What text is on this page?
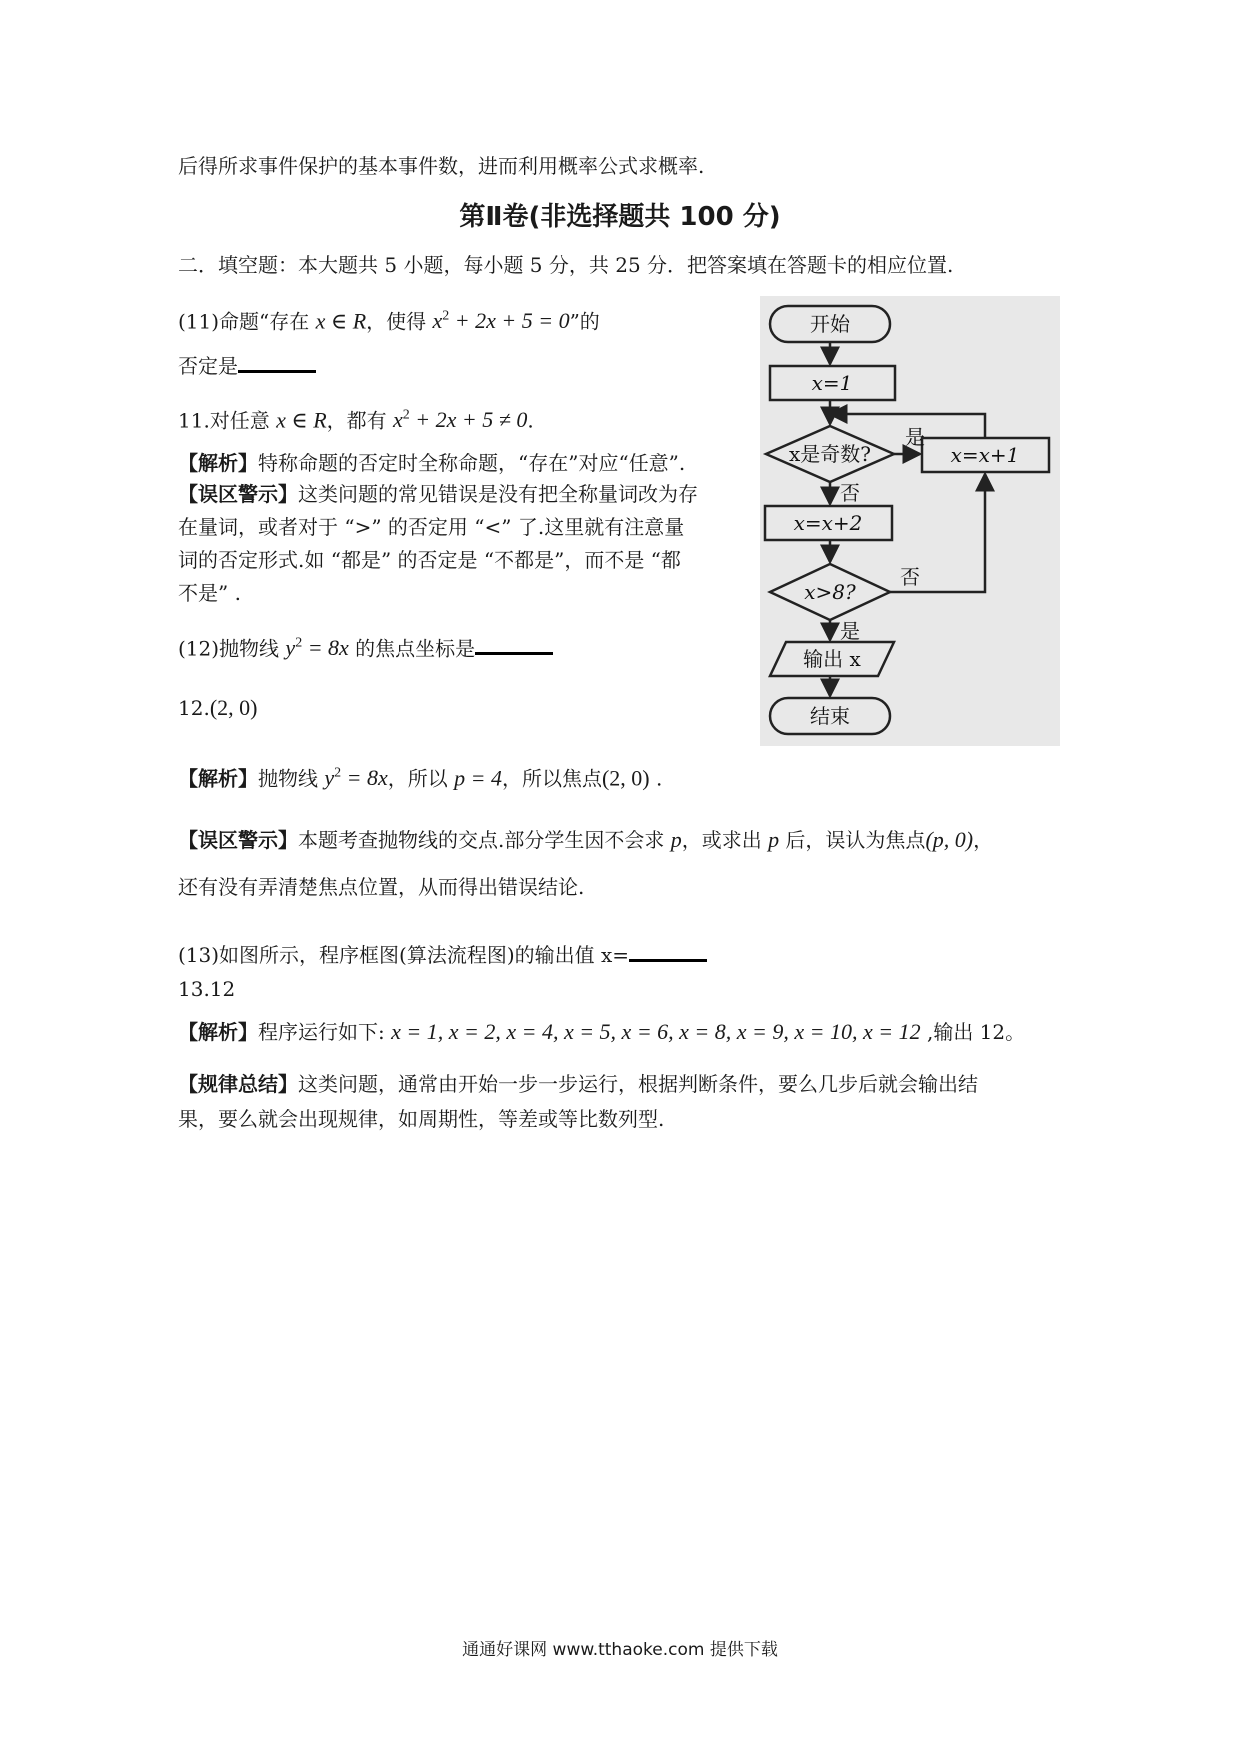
后得所求事件保护的基本事件数，进而利用概率公式求概率.
第Ⅱ卷(非选择题共 100 分)
二．填空题：本大题共 5 小题，每小题 5 分，共 25 分．把答案填在答题卡的相应位置.
(11)命题“存在 x ∈ R，使得 $x^2 + 2x + 5 = 0$”的
否定是
11.对任意 x ∈ R，都有 $x^2 + 2x + 5 \ne 0$.
【解析】特称命题的否定时全称命题，“存在”对应“任意”.
【误区警示】这类问题的常见错误是没有把全称量词改为存
在量词，或者对于 “>” 的否定用 “<” 了.这里就有注意量
词的否定形式.如 “都是” 的否定是 “不都是”，而不是 “都
不是” .
(12)抛物线 $y^2 = 8x$ 的焦点坐标是
12.(2, 0)
【解析】抛物线 $y^2 = 8x$，所以 p = 4，所以焦点(2, 0) .
【误区警示】本题考查抛物线的交点.部分学生因不会求 p，或求出 p 后，误认为焦点(p, 0)，
还有没有弄清楚焦点位置，从而得出错误结论.
(13)如图所示，程序框图(算法流程图)的输出值 x=
13.12
【解析】程序运行如下: x = 1, x = 2, x = 4, x = 5, x = 6, x = 8, x = 9, x = 10, x = 12 ,输出 12。
【规律总结】这类问题，通常由开始一步一步运行，根据判断条件，要么几步后就会输出结
果，要么就会出现规律，如周期性，等差或等比数列型.
开始
x=1
x是奇数?
是
否
x=x+1
x=x+2
x>8?
否
是
输出 x
结束
通通好课网 www.tthaoke.com 提供下载
